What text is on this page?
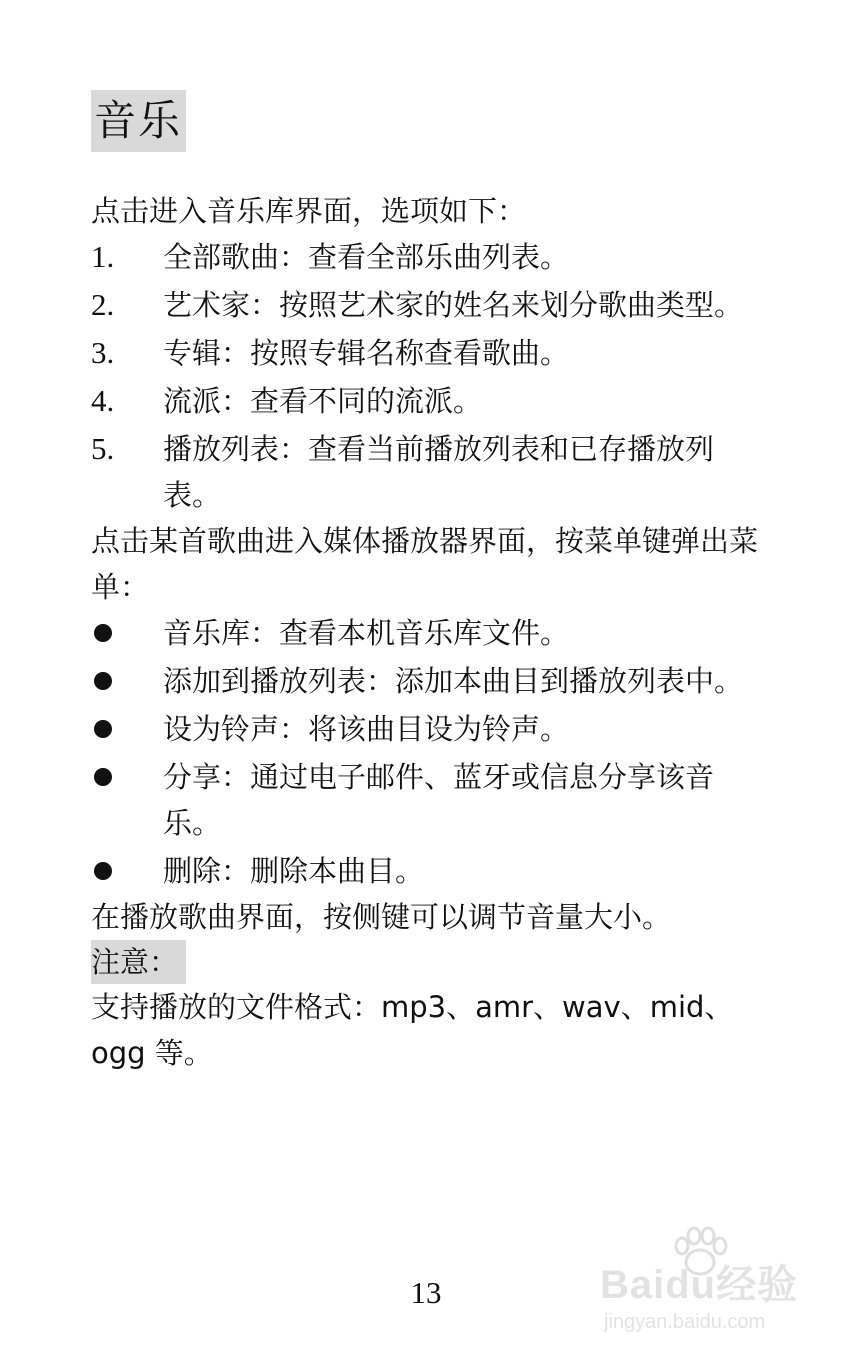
音乐
点击进入音乐库界面，选项如下：
1.	全部歌曲：查看全部乐曲列表。
2.	艺术家：按照艺术家的姓名来划分歌曲类型。
3.	专辑：按照专辑名称查看歌曲。
4.	流派：查看不同的流派。
5.	播放列表：查看当前播放列表和已存播放列表。
点击某首歌曲进入媒体播放器界面，按菜单键弹出菜单：
音乐库：查看本机音乐库文件。
添加到播放列表：添加本曲目到播放列表中。
设为铃声：将该曲目设为铃声。
分享：通过电子邮件、蓝牙或信息分享该音乐。
删除：删除本曲目。
在播放歌曲界面，按侧键可以调节音量大小。
注意：
支持播放的文件格式：mp3、amr、wav、mid、ogg 等。
13	Baidu经验
jingyan.baidu.com
